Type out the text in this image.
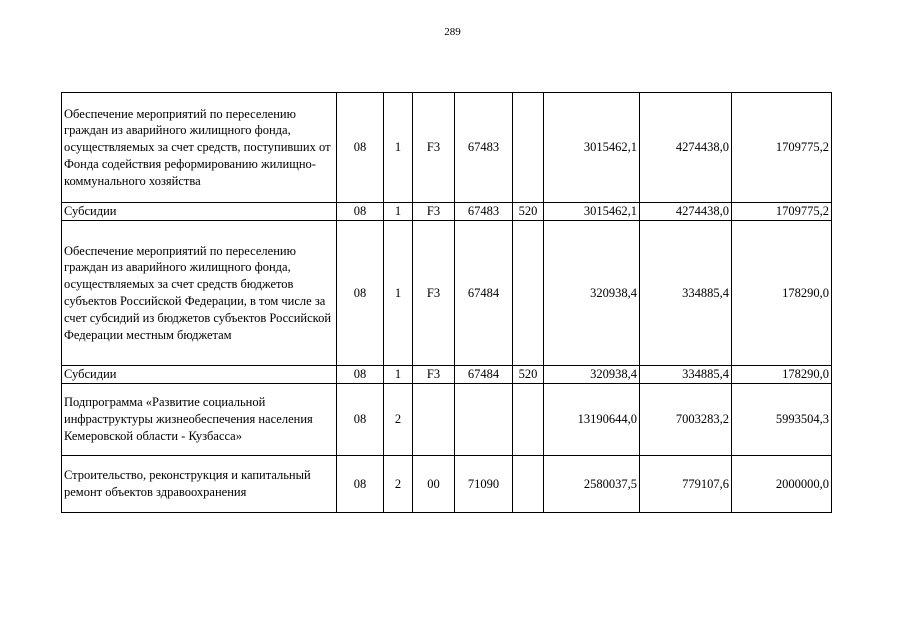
289
Обеспечение мероприятий по переселению граждан из аварийного жилищного фонда, осуществляемых за счет средств, поступивших от Фонда содействия реформированию жилищно-коммунального хозяйства	08	1	F3	67483		3015462,1	4274438,0	1709775,2
Субсидии	08	1	F3	67483	520	3015462,1	4274438,0	1709775,2
Обеспечение мероприятий по переселению граждан из аварийного жилищного фонда, осуществляемых за счет средств бюджетов субъектов Российской Федерации, в том числе за счет субсидий из бюджетов субъектов Российской Федерации местным бюджетам	08	1	F3	67484		320938,4	334885,4	178290,0
Субсидии	08	1	F3	67484	520	320938,4	334885,4	178290,0
Подпрограмма «Развитие социальной инфраструктуры жизнеобеспечения населения Кемеровской области - Кузбасса»	08	2				13190644,0	7003283,2	5993504,3
Строительство, реконструкция и капитальный ремонт объектов здравоохранения	08	2	00	71090		2580037,5	779107,6	2000000,0
